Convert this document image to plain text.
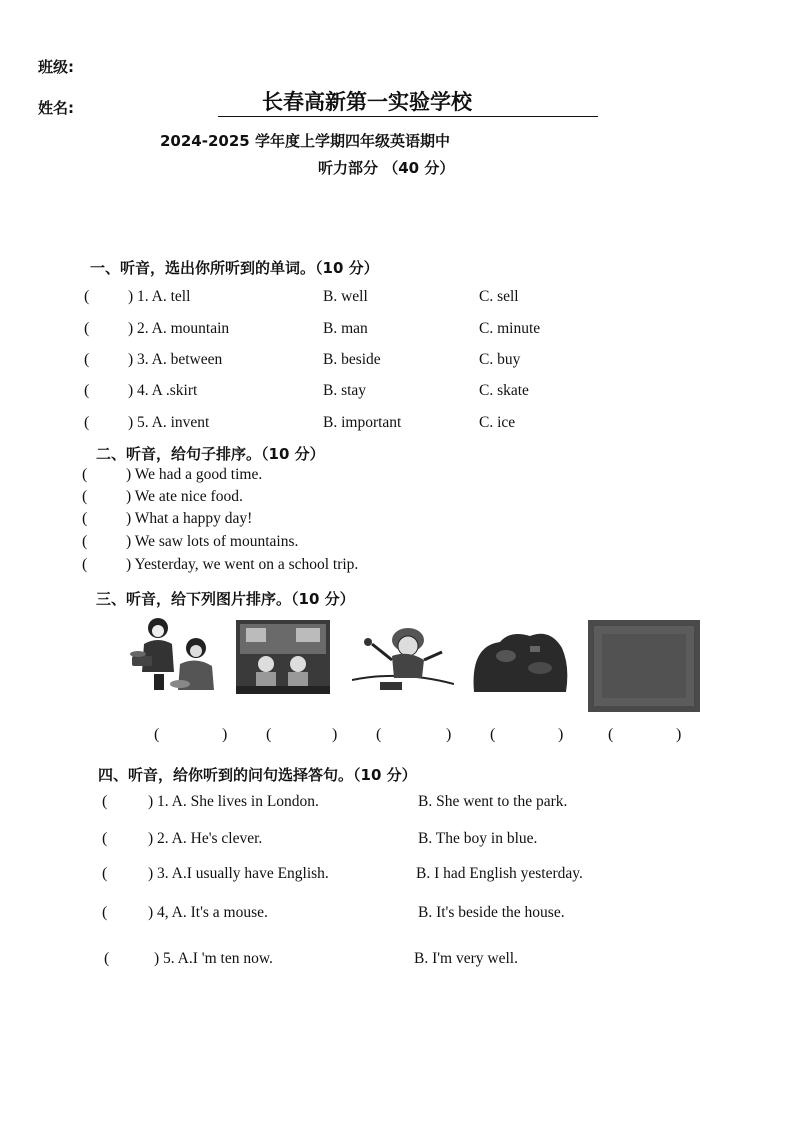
班级:
姓名:	长春高新第一实验学校
2024-2025 学年度上学期四年级英语期中
听力部分 （40 分）
一、听音，选出你所听到的单词。（10 分）
( ) 1. A. tell	B. well	C. sell
( ) 2. A. mountain	B. man	C. minute
( ) 3. A. between	B. beside	C. buy
( ) 4. A .skirt	B. stay	C. skate
( ) 5. A. invent	B. important	C. ice
二、听音，给句子排序。（10 分）
( ) We had a good time.
( ) We ate nice food.
( ) What a happy day!
( ) We saw lots of mountains.
( ) Yesterday, we went on a school trip.
三、听音，给下列图片排序。（10 分）
(	) (	) (	) (	)	(	)
四、听音，给你听到的问句选择答句。（10 分）
(	) 1. A. She lives in London.	B. She went to the park.
(	) 2. A. He's clever.	B. The boy in blue.
(	) 3. A.I usually have English.	B. I had English yesterday.
(	) 4, A. It's a mouse.	B. It's beside the house.
(	) 5. A.I 'm ten now.	B. I'm very well.
